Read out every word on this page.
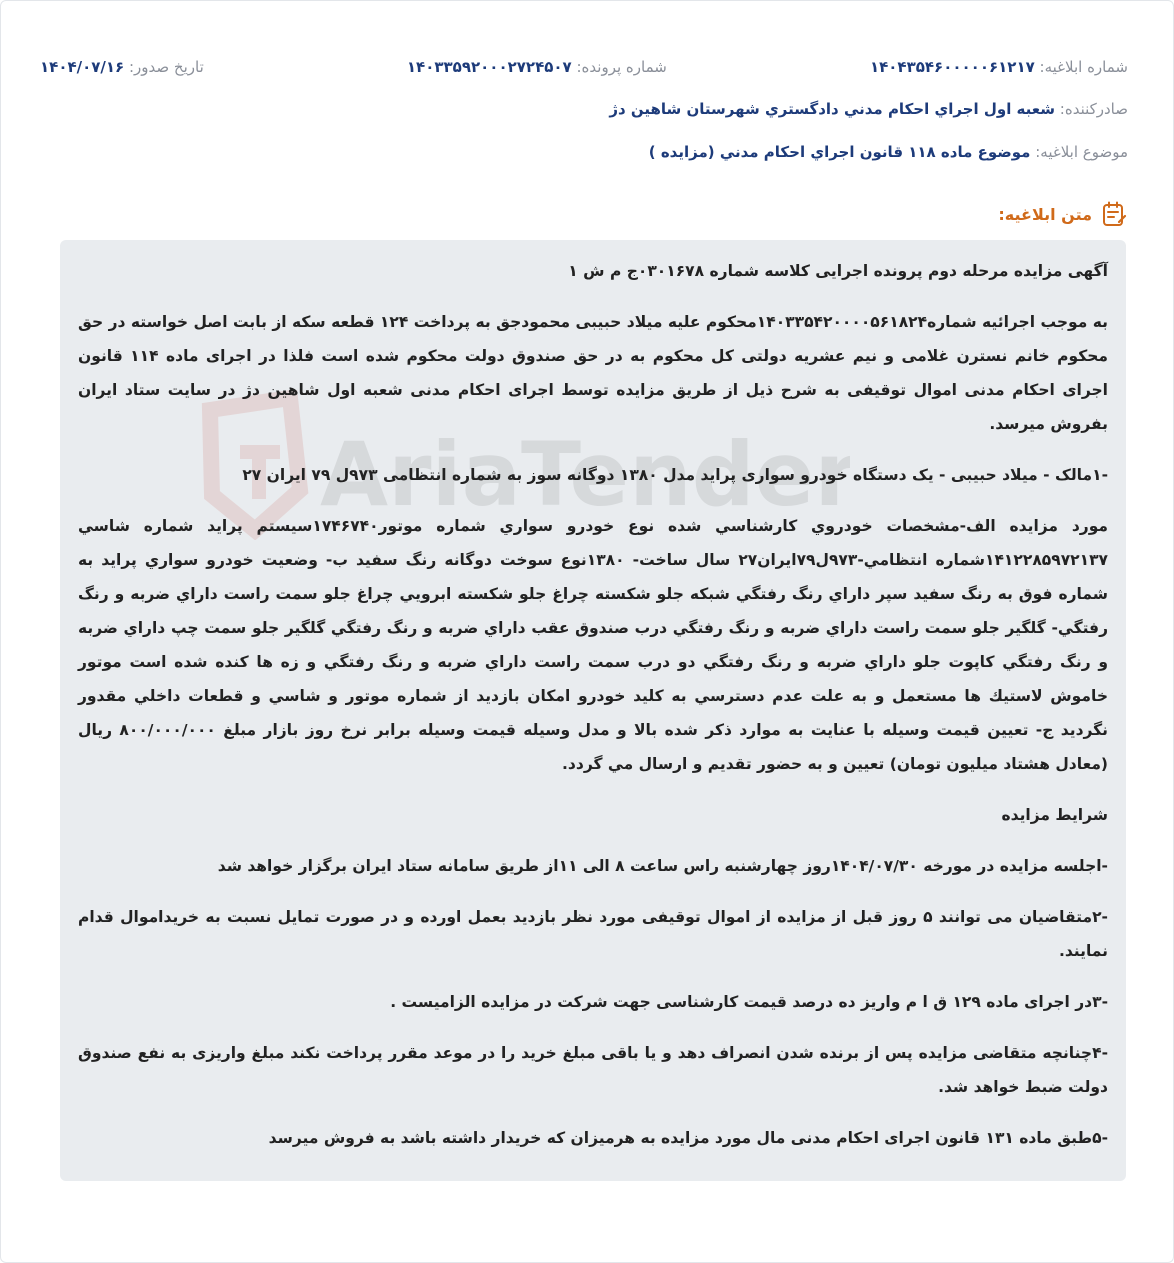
شماره ابلاغیه: ۱۴۰۴۳۵۴۶۰۰۰۰۰۶۱۲۱۷
شماره پرونده: ۱۴۰۳۳۵۹۲۰۰۰۲۷۲۴۵۰۷
تاریخ صدور: ۱۴۰۴/۰۷/۱۶
صادرکننده: شعبه اول اجراي احكام مدني دادگستري شهرستان شاهين دژ
موضوع ابلاغیه: موضوع ماده ۱۱۸ قانون اجراي احكام مدني (مزايده )
متن ابلاغیه:
AriaTender

آگهی مزایده مرحله دوم پرونده اجرایی کلاسه شماره ۰۳۰۱۶۷۸ج م ش ۱

به موجب اجرائیه شماره۱۴۰۳۳۵۴۲۰۰۰۰۵۶۱۸۲۴محکوم علیه میلاد حبیبی محمودجق به پرداخت ۱۲۴ قطعه سکه از بابت اصل خواسته در حق محکوم خانم نسترن غلامی و نیم عشریه دولتی کل محکوم به در حق صندوق دولت محکوم شده است فلذا در اجرای ماده ۱۱۴ قانون اجرای احکام مدنی اموال توقیفی به شرح ذیل از طریق مزایده توسط اجرای احکام مدنی شعبه اول شاهین دژ در سایت ستاد ایران بفروش میرسد.

-۱مالک - میلاد حبیبی - یک دستگاه خودرو سواری پراید مدل ۱۳۸۰ دوگانه سوز به شماره انتظامی ۹۷۳ل ۷۹ ایران ۲۷

مورد مزايده الف-مشخصات خودروي كارشناسي شده نوع خودرو سواري شماره موتور۱۷۴۶۷۴۰سيستم پرايد شماره شاسي ۱۴۱۲۲۸۵۹۷۲۱۳۷شماره انتظامي-۹۷۳ل۷۹ايران۲۷ سال ساخت- ۱۳۸۰نوع سوخت دوگانه رنگ سفيد ب- وضعيت خودرو سواري پرايد به شماره فوق به رنگ سفيد سپر داراي رنگ رفتگي شبكه جلو شكسته چراغ جلو شكسته ابرويي چراغ جلو سمت راست داراي ضربه و رنگ رفتگي- گلگير جلو سمت راست داراي ضربه و رنگ رفتگي درب صندوق عقب داراي ضربه و رنگ رفتگي گلگير جلو سمت چپ داراي ضربه و رنگ رفتگي كاپوت جلو داراي ضربه و رنگ رفتگي دو درب سمت راست داراي ضربه و رنگ رفتگي و زه ها كنده شده است موتور خاموش لاستيك ها مستعمل و به علت عدم دسترسي به كليد خودرو امكان بازديد از شماره موتور و شاسي و قطعات داخلي مقدور نگرديد ج- تعيين قيمت وسيله با عنايت به موارد ذكر شده بالا و مدل وسيله قيمت وسيله برابر نرخ روز بازار مبلغ ۸۰۰/۰۰۰/۰۰۰ ريال (معادل هشتاد ميليون تومان) تعيين و به حضور تقديم و ارسال مي گردد.

شرایط مزایده

-اجلسه مزایده در مورخه ۱۴۰۴/۰۷/۳۰روز چهارشنبه راس ساعت ۸ الی ۱۱از طریق سامانه ستاد ایران برگزار خواهد شد

-۲متقاضیان می توانند ۵ روز قبل از مزایده از اموال توقیفی مورد نظر بازدید بعمل اورده و در صورت تمایل نسبت به خریداموال قدام نمایند.

-۳در اجرای ماده ۱۲۹ ق ا م واریز ده درصد قیمت کارشناسی جهت شرکت در مزایده الزامیست .

-۴چنانچه متقاضی مزایده پس از برنده شدن انصراف دهد و یا باقی مبلغ خرید را در موعد مقرر پرداخت نکند مبلغ واریزی به نفع صندوق دولت ضبط خواهد شد.

-۵طبق ماده ۱۳۱ قانون اجرای احکام مدنی مال مورد مزایده به هرمیزان که خریدار داشته باشد به فروش میرسد
